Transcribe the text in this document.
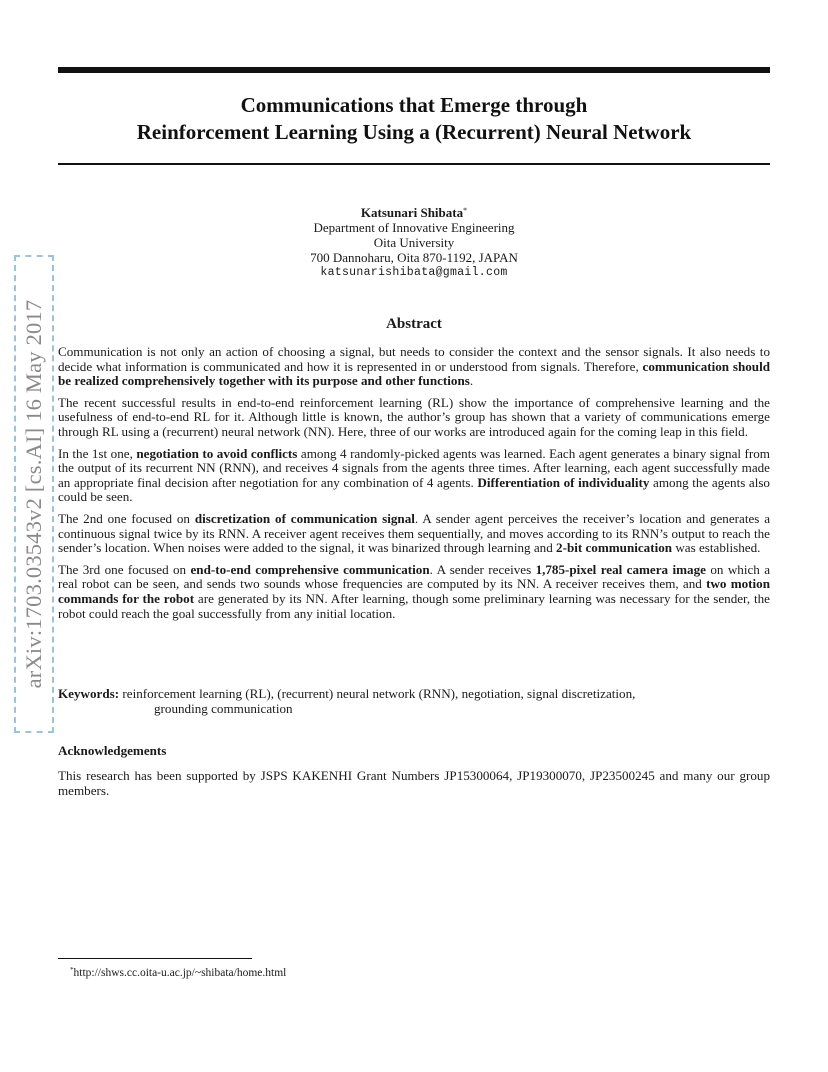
Communications that Emerge through
Reinforcement Learning Using a (Recurrent) Neural Network
Katsunari Shibata*
Department of Innovative Engineering
Oita University
700 Dannoharu, Oita 870-1192, JAPAN
katsunarishibata@gmail.com
Abstract

Communication is not only an action of choosing a signal, but needs to consider the context and the sensor signals. It also needs to decide what information is communicated and how it is represented in or understood from signals. Therefore, communication should be realized comprehensively together with its purpose and other functions.

The recent successful results in end-to-end reinforcement learning (RL) show the importance of comprehensive learning and the usefulness of end-to-end RL for it. Although little is known, the author’s group has shown that a variety of communications emerge through RL using a (recurrent) neural network (NN). Here, three of our works are introduced again for the coming leap in this field.

In the 1st one, negotiation to avoid conflicts among 4 randomly-picked agents was learned. Each agent generates a binary signal from the output of its recurrent NN (RNN), and receives 4 signals from the agents three times. After learning, each agent successfully made an appropriate final decision after negotiation for any combination of 4 agents. Differentiation of individuality among the agents also could be seen.

The 2nd one focused on discretization of communication signal. A sender agent perceives the receiver’s location and generates a continuous signal twice by its RNN. A receiver agent receives them sequentially, and moves according to its RNN’s output to reach the sender’s location. When noises were added to the signal, it was binarized through learning and 2-bit communication was established.

The 3rd one focused on end-to-end comprehensive communication. A sender receives 1,785-pixel real camera image on which a real robot can be seen, and sends two sounds whose frequencies are computed by its NN. A receiver receives them, and two motion commands for the robot are generated by its NN. After learning, though some preliminary learning was necessary for the sender, the robot could reach the goal successfully from any initial location.

Keywords: reinforcement learning (RL), (recurrent) neural network (RNN), negotiation, signal discretization,
grounding communication
Acknowledgements
This research has been supported by JSPS KAKENHI Grant Numbers JP15300064, JP19300070, JP23500245 and many our group members.
*http://shws.cc.oita-u.ac.jp/~shibata/home.html
arXiv:1703.03543v2 [cs.AI] 16 May 2017
